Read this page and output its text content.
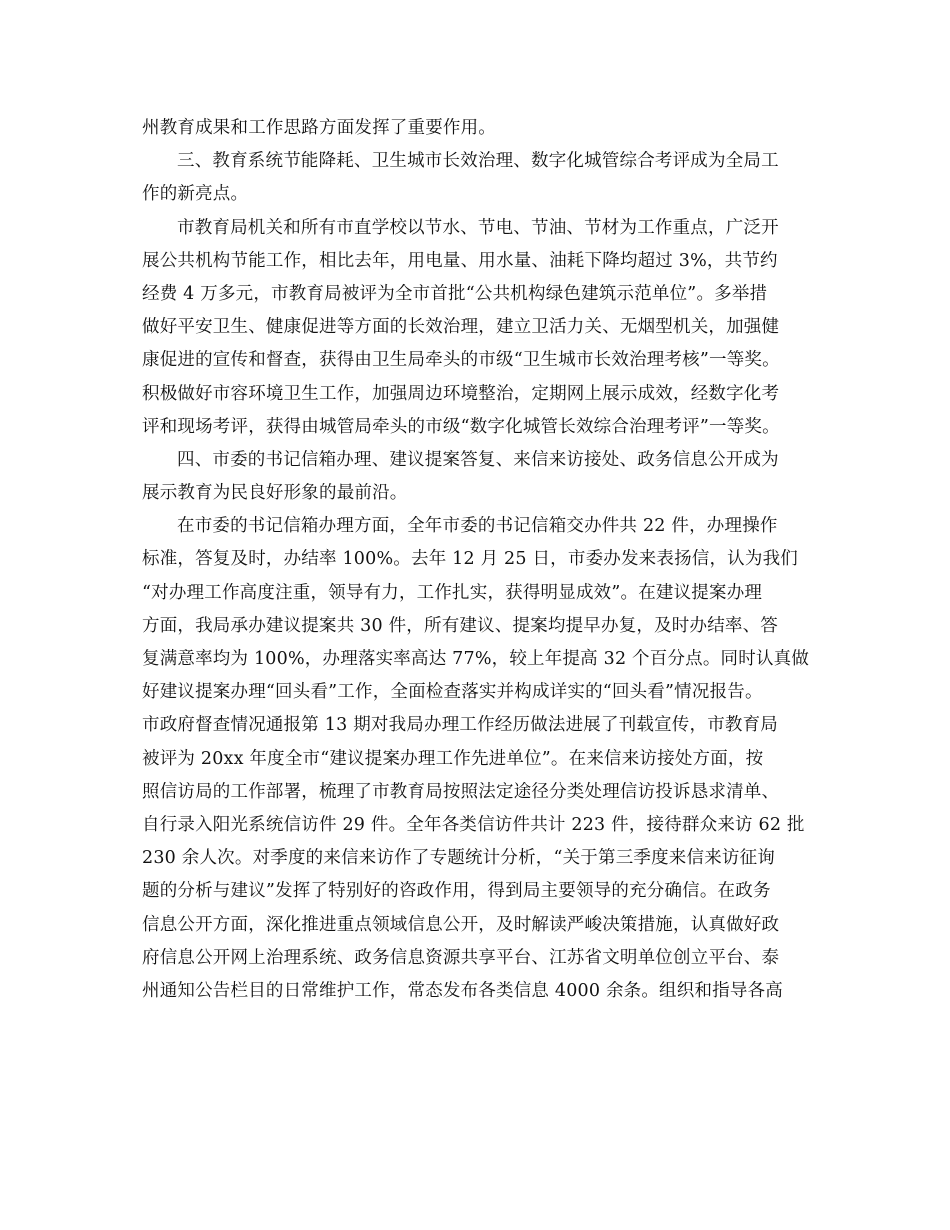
州教育成果和工作思路方面发挥了重要作用。
三、教育系统节能降耗、卫生城市长效治理、数字化城管综合考评成为全局工
作的新亮点。
市教育局机关和所有市直学校以节水、节电、节油、节材为工作重点，广泛开
展公共机构节能工作，相比去年，用电量、用水量、油耗下降均超过 3%，共节约
经费 4 万多元，市教育局被评为全市首批“公共机构绿色建筑示范单位”。多举措
做好平安卫生、健康促进等方面的长效治理，建立卫活力关、无烟型机关，加强健
康促进的宣传和督查，获得由卫生局牵头的市级“卫生城市长效治理考核”一等奖。
积极做好市容环境卫生工作，加强周边环境整治，定期网上展示成效，经数字化考
评和现场考评，获得由城管局牵头的市级“数字化城管长效综合治理考评”一等奖。
四、市委的书记信箱办理、建议提案答复、来信来访接处、政务信息公开成为
展示教育为民良好形象的最前沿。
在市委的书记信箱办理方面，全年市委的书记信箱交办件共 22 件，办理操作
标准，答复及时，办结率 100%。去年 12 月 25 日，市委办发来表扬信，认为我们
“对办理工作高度注重，领导有力，工作扎实，获得明显成效”。在建议提案办理
方面，我局承办建议提案共 30 件，所有建议、提案均提早办复，及时办结率、答
复满意率均为 100%，办理落实率高达 77%，较上年提高 32 个百分点。同时认真做
好建议提案办理“回头看”工作，全面检查落实并构成详实的“回头看”情况报告。
市政府督查情况通报第 13 期对我局办理工作经历做法进展了刊载宣传，市教育局
被评为 20xx 年度全市“建议提案办理工作先进单位”。在来信来访接处方面，按
照信访局的工作部署，梳理了市教育局按照法定途径分类处理信访投诉恳求清单、
自行录入阳光系统信访件 29 件。全年各类信访件共计 223 件，接待群众来访 62 批
230 余人次。对季度的来信来访作了专题统计分析，“关于第三季度来信来访征询
题的分析与建议”发挥了特别好的咨政作用，得到局主要领导的充分确信。在政务
信息公开方面，深化推进重点领域信息公开，及时解读严峻决策措施，认真做好政
府信息公开网上治理系统、政务信息资源共享平台、江苏省文明单位创立平台、泰
州通知公告栏目的日常维护工作，常态发布各类信息 4000 余条。组织和指导各高
